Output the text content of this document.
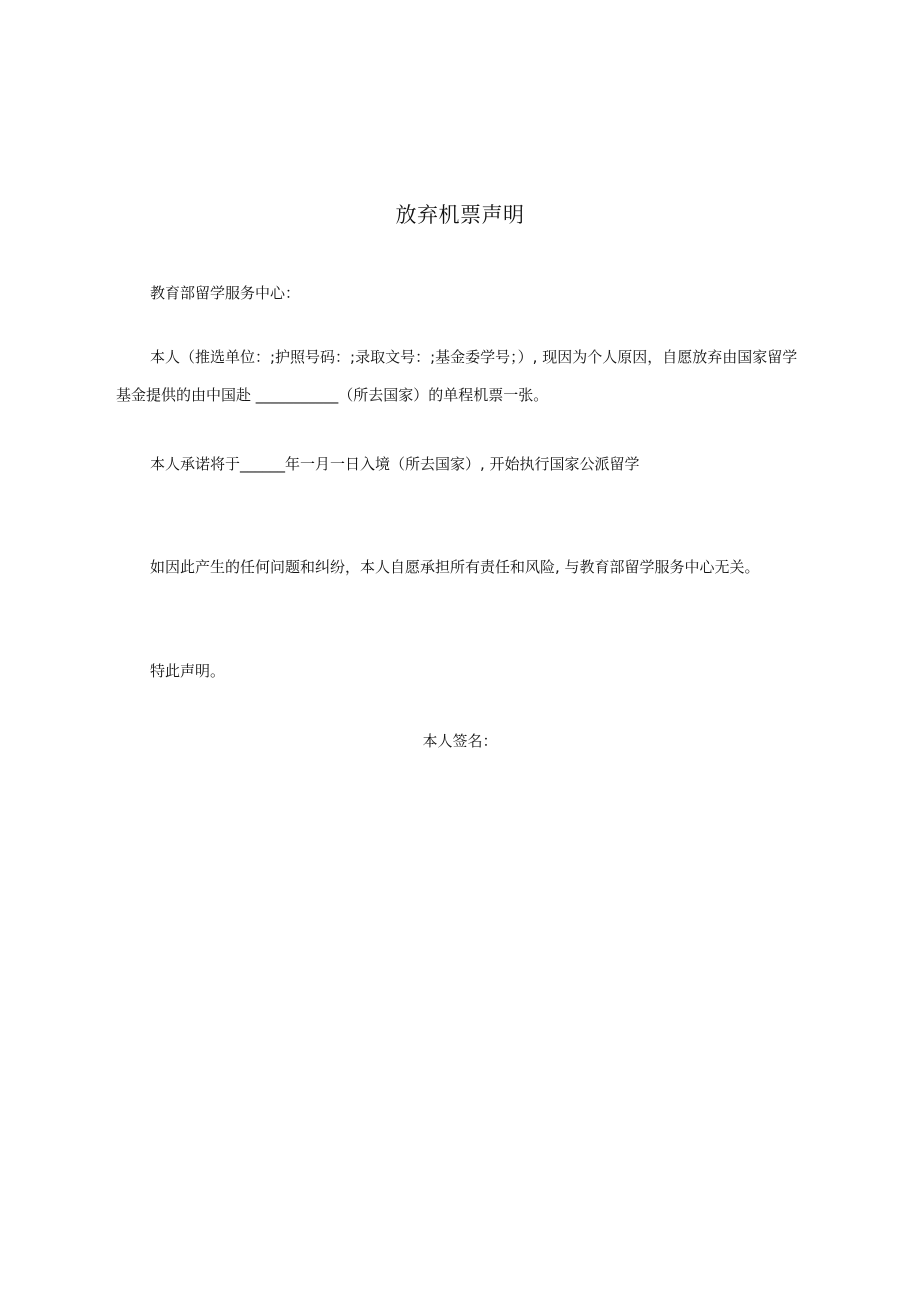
放弃机票声明
教育部留学服务中心：
本人（推选单位：;护照号码：;录取文号：;基金委学号；）, 现因为个人原因，自愿放弃由国家留学基金提供的由中国赴 ___________（所去国家）的单程机票一张。
本人承诺将于______年一月一日入境（所去国家）, 开始执行国家公派留学
如因此产生的任何问题和纠纷，本人自愿承担所有责任和风险, 与教育部留学服务中心无关。
特此声明。
本人签名：
